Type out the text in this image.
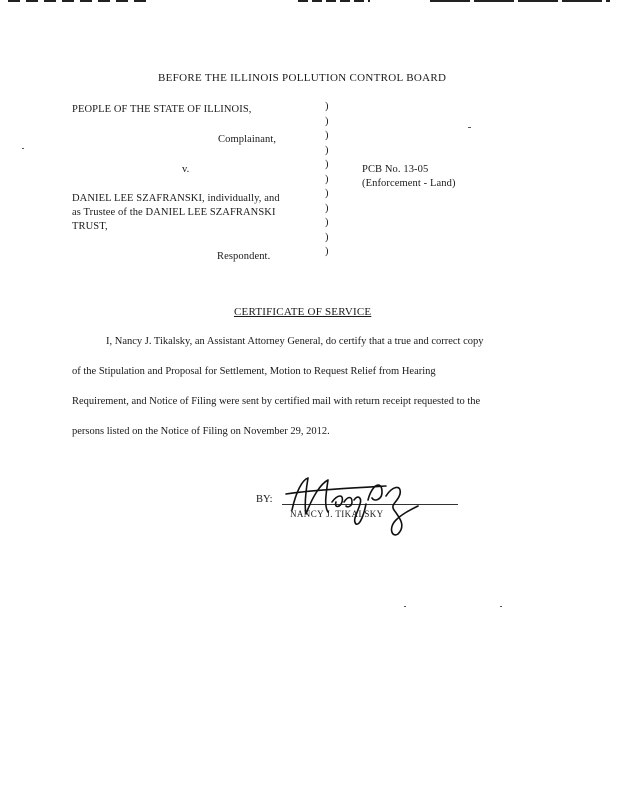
BEFORE THE ILLINOIS POLLUTION CONTROL BOARD
PEOPLE OF THE STATE OF ILLINOIS,
Complainant,
v.
DANIEL LEE SZAFRANSKI, individually, and
as Trustee of the DANIEL LEE SZAFRANSKI
TRUST,
Respondent.
)
)
)
)
)
)
)
)
)
)
)
PCB No. 13-05
(Enforcement - Land)
CERTIFICATE OF SERVICE
I, Nancy J. Tikalsky, an Assistant Attorney General, do certify that a true and correct copy
of the Stipulation and Proposal for Settlement, Motion to Request Relief from Hearing
Requirement, and Notice of Filing were sent by certified mail with return receipt requested to the
persons listed on the Notice of Filing on November 29, 2012.
BY:
NANCY J. TIKALSKY
